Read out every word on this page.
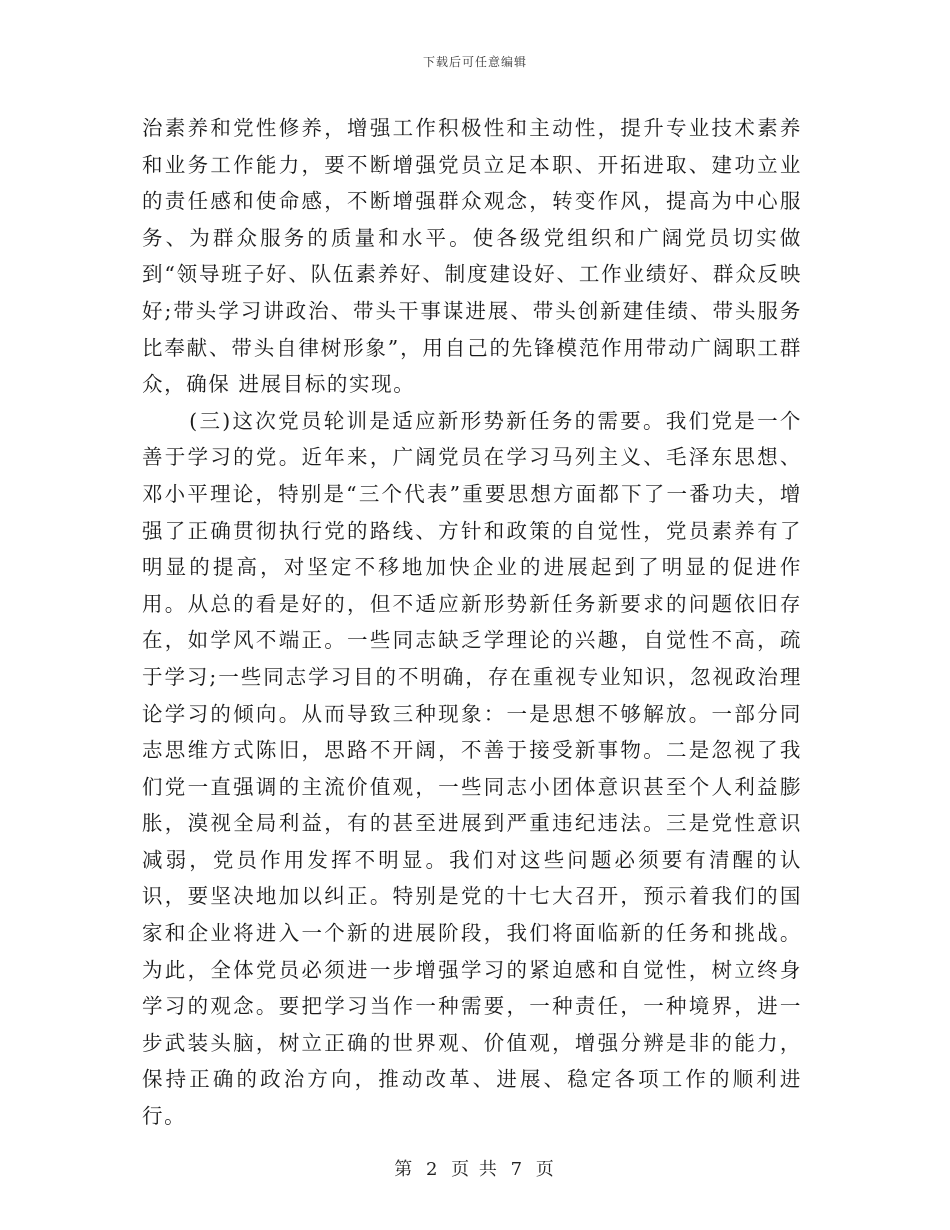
下载后可任意编辑

治素养和党性修养，增强工作积极性和主动性，提升专业技术素养和业务工作能力，要不断增强党员立足本职、开拓进取、建功立业的责任感和使命感，不断增强群众观念，转变作风，提高为中心服务、为群众服务的质量和水平。使各级党组织和广阔党员切实做到“领导班子好、队伍素养好、制度建设好、工作业绩好、群众反映好;带头学习讲政治、带头干事谋进展、带头创新建佳绩、带头服务比奉献、带头自律树形象”，用自己的先锋模范作用带动广阔职工群众，确保 进展目标的实现。

(三)这次党员轮训是适应新形势新任务的需要。我们党是一个善于学习的党。近年来，广阔党员在学习马列主义、毛泽东思想、邓小平理论，特别是“三个代表”重要思想方面都下了一番功夫，增强了正确贯彻执行党的路线、方针和政策的自觉性，党员素养有了明显的提高，对坚定不移地加快企业的进展起到了明显的促进作用。从总的看是好的，但不适应新形势新任务新要求的问题依旧存在，如学风不端正。一些同志缺乏学理论的兴趣，自觉性不高，疏于学习;一些同志学习目的不明确，存在重视专业知识，忽视政治理论学习的倾向。从而导致三种现象：一是思想不够解放。一部分同志思维方式陈旧，思路不开阔，不善于接受新事物。二是忽视了我们党一直强调的主流价值观，一些同志小团体意识甚至个人利益膨胀，漠视全局利益，有的甚至进展到严重违纪违法。三是党性意识减弱，党员作用发挥不明显。我们对这些问题必须要有清醒的认识，要坚决地加以纠正。特别是党的十七大召开，预示着我们的国家和企业将进入一个新的进展阶段，我们将面临新的任务和挑战。为此，全体党员必须进一步增强学习的紧迫感和自觉性，树立终身学习的观念。要把学习当作一种需要，一种责任，一种境界，进一步武装头脑，树立正确的世界观、价值观，增强分辨是非的能力，保持正确的政治方向，推动改革、进展、稳定各项工作的顺利进行。

第 2 页 共 7 页
